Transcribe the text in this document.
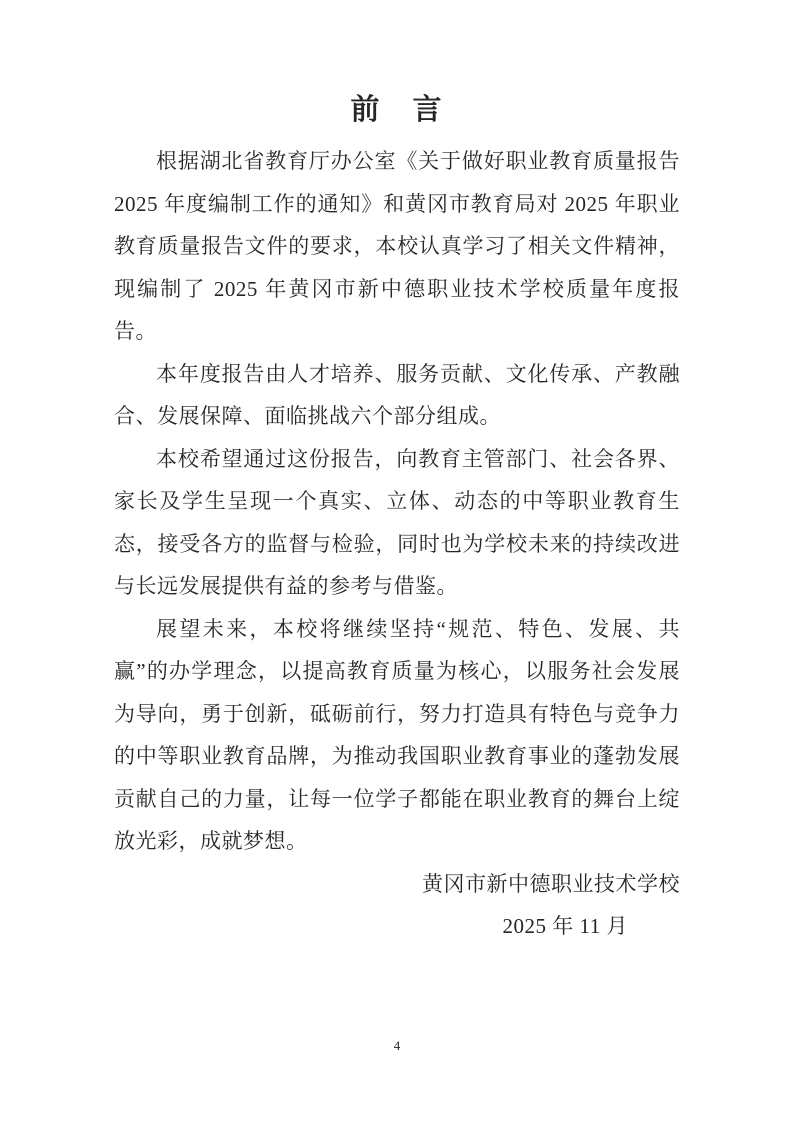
前　言

根据湖北省教育厅办公室《关于做好职业教育质量报告 2025 年度编制工作的通知》和黄冈市教育局对 2025 年职业教育质量报告文件的要求，本校认真学习了相关文件精神，现编制了 2025 年黄冈市新中德职业技术学校质量年度报告。

本年度报告由人才培养、服务贡献、文化传承、产教融合、发展保障、面临挑战六个部分组成。

本校希望通过这份报告，向教育主管部门、社会各界、家长及学生呈现一个真实、立体、动态的中等职业教育生态，接受各方的监督与检验，同时也为学校未来的持续改进与长远发展提供有益的参考与借鉴。

展望未来，本校将继续坚持“规范、特色、发展、共赢”的办学理念，以提高教育质量为核心，以服务社会发展为导向，勇于创新，砥砺前行，努力打造具有特色与竞争力的中等职业教育品牌，为推动我国职业教育事业的蓬勃发展贡献自己的力量，让每一位学子都能在职业教育的舞台上绽放光彩，成就梦想。

黄冈市新中德职业技术学校

2025 年 11 月

4
